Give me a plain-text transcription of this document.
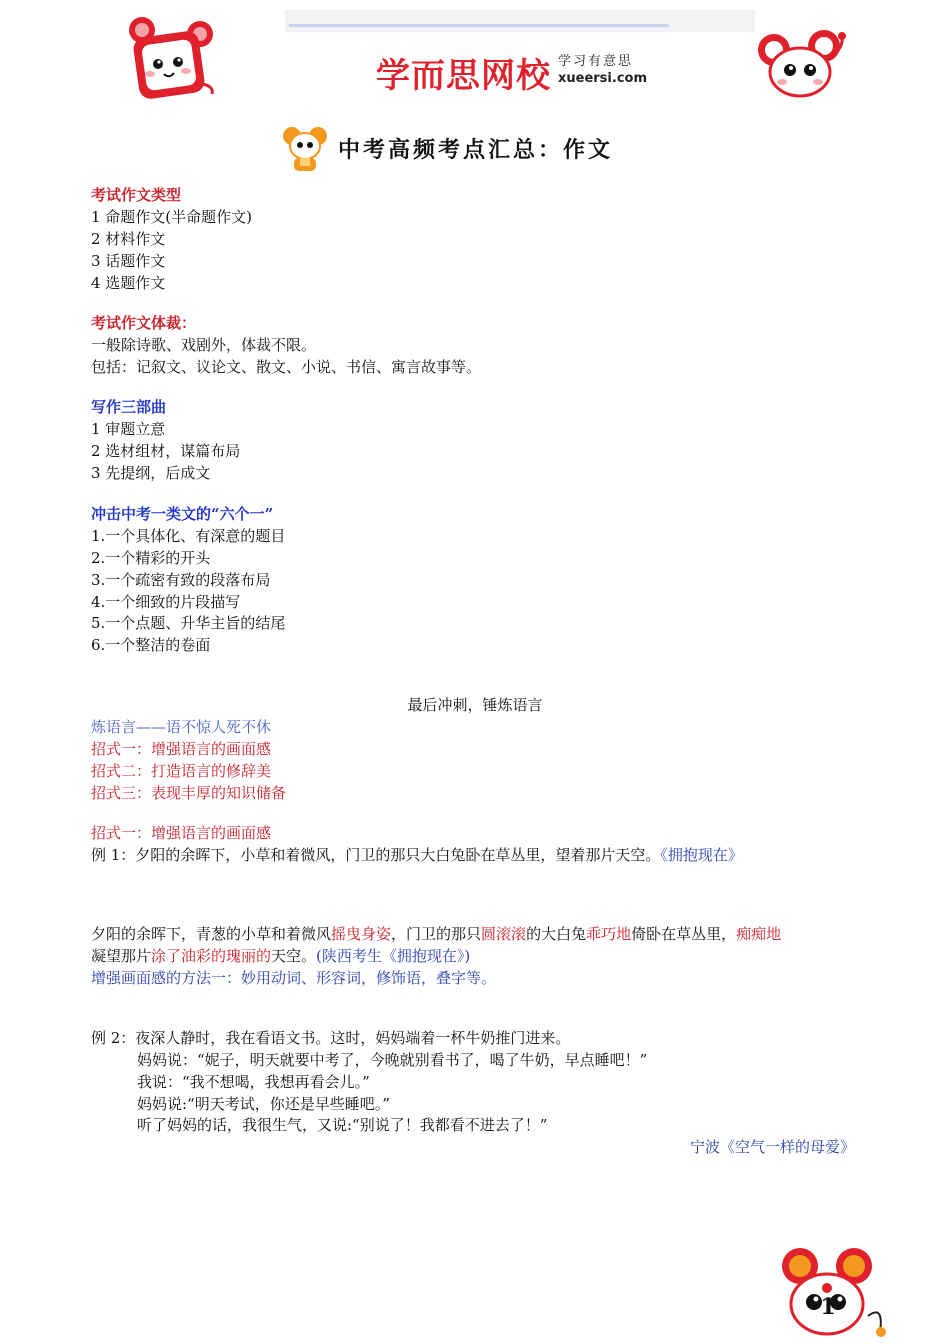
学而思网校 学习有意思
xueersi.com
中考高频考点汇总：作文
考试作文类型
1 命题作文(半命题作文)
2 材料作文
3 话题作文
4 选题作文
考试作文体裁：
一般除诗歌、戏剧外，体裁不限。
包括：记叙文、议论文、散文、小说、书信、寓言故事等。
写作三部曲
1 审题立意
2 选材组材，谋篇布局
3 先提纲，后成文
冲击中考一类文的“六个一”
1.一个具体化、有深意的题目
2.一个精彩的开头
3.一个疏密有致的段落布局
4.一个细致的片段描写
5.一个点题、升华主旨的结尾
6.一个整洁的卷面
最后冲刺，锤炼语言
炼语言——语不惊人死不休
招式一：增强语言的画面感
招式二：打造语言的修辞美
招式三：表现丰厚的知识储备
招式一：增强语言的画面感
例 1：夕阳的余晖下，小草和着微风，门卫的那只大白兔卧在草丛里，望着那片天空。《拥抱现在》
夕阳的余晖下，青葱的小草和着微风摇曳身姿，门卫的那只圆滚滚的大白兔乖巧地倚卧在草丛里，痴痴地
凝望那片涂了油彩的瑰丽的天空。(陕西考生《拥抱现在》)
增强画面感的方法一：妙用动词、形容词，修饰语，叠字等。
例 2：夜深人静时，我在看语文书。这时，妈妈端着一杯牛奶推门进来。
妈妈说：“妮子，明天就要中考了，今晚就别看书了，喝了牛奶，早点睡吧！”
我说：“我不想喝，我想再看会儿。”
妈妈说:“明天考试，你还是早些睡吧。”
听了妈妈的话，我很生气，又说:“别说了！我都看不进去了！”
宁波《空气一样的母爱》
1
